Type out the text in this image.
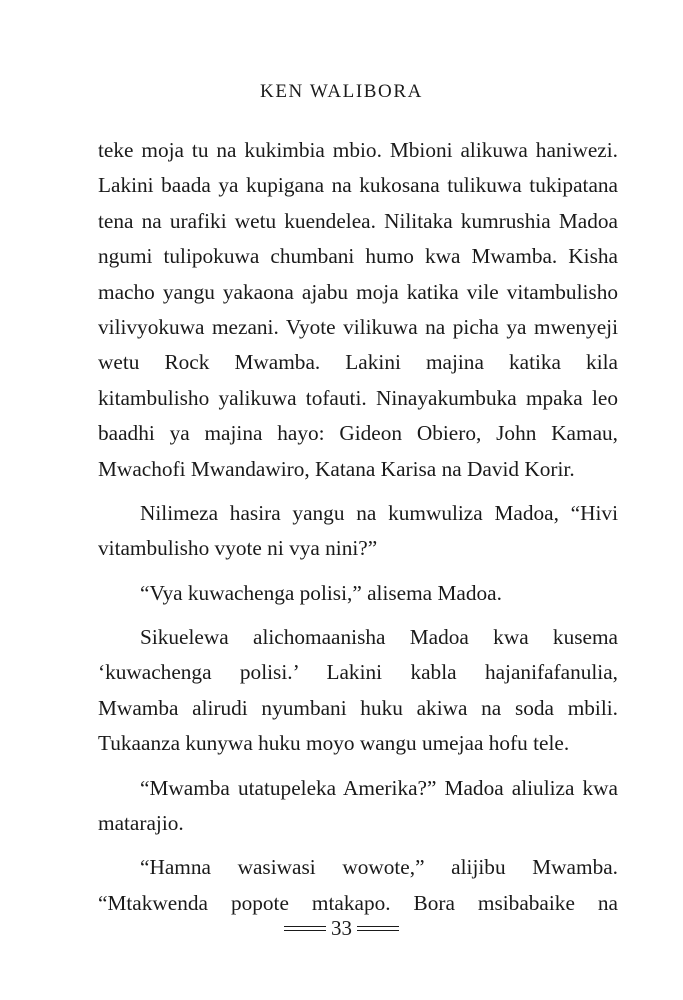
KEN WALIBORA
teke moja tu na kukimbia mbio. Mbioni alikuwa haniwezi.
Lakini baada ya kupigana na kukosana tulikuwa tukipatana
tena na urafiki wetu kuendelea. Nilitaka kumrushia Madoa
ngumi tulipokuwa chumbani humo kwa Mwamba. Kisha
macho yangu yakaona ajabu moja katika vile vitambulisho
vilivyokuwa mezani. Vyote vilikuwa na picha ya mwenyeji
wetu Rock Mwamba. Lakini majina katika kila
kitambulisho yalikuwa tofauti. Ninayakumbuka mpaka leo
baadhi ya majina hayo: Gideon Obiero, John Kamau,
Mwachofi Mwandawiro, Katana Karisa na David Korir.
Nilimeza hasira yangu na kumwuliza Madoa, “Hivi
vitambulisho vyote ni vya nini?”
“Vya kuwachenga polisi,” alisema Madoa.
Sikuelewa alichomaanisha Madoa kwa kusema
‘kuwachenga polisi.’ Lakini kabla hajanifafanulia,
Mwamba alirudi nyumbani huku akiwa na soda mbili.
Tukaanza kunywa huku moyo wangu umejaa hofu tele.
“Mwamba utatupeleka Amerika?” Madoa aliuliza kwa
matarajio.
“Hamna wasiwasi wowote,” alijibu Mwamba.
“Mtakwenda popote mtakapo. Bora msibabaike na
33
